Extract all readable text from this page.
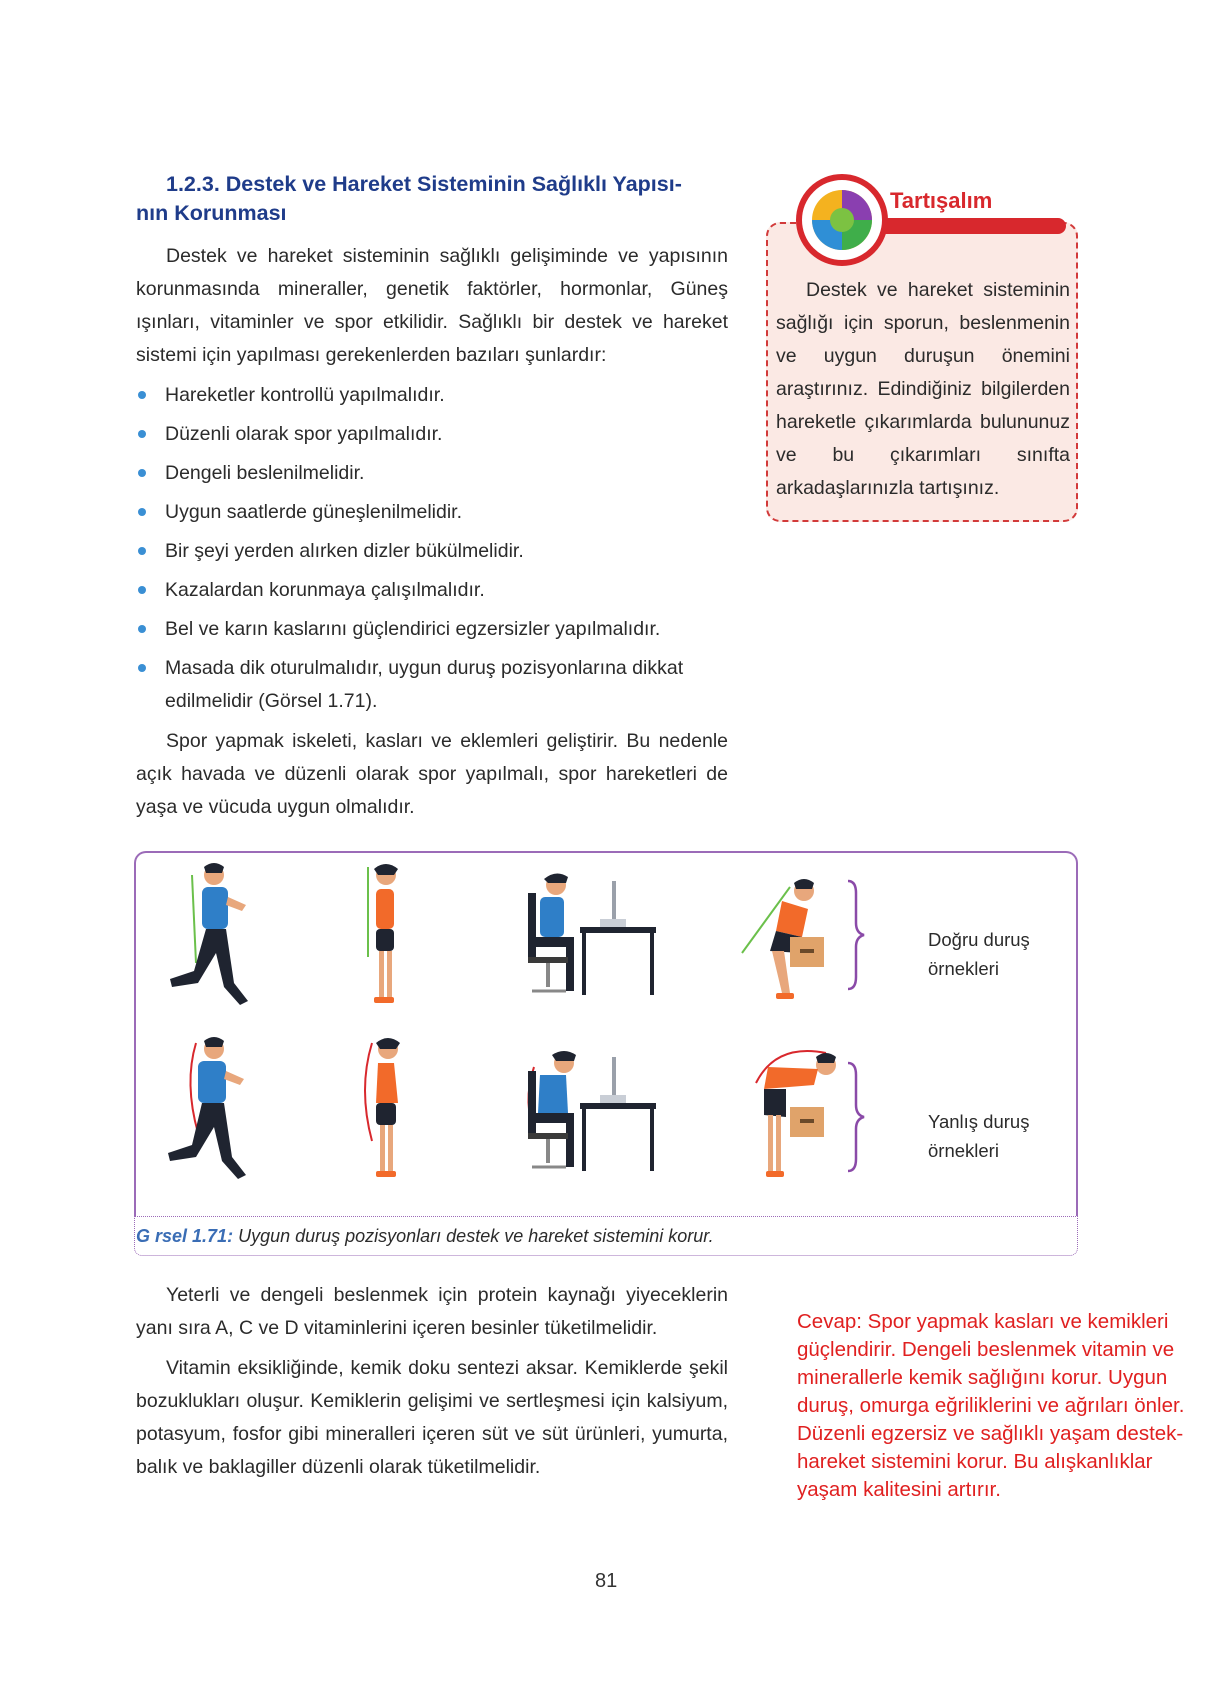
1.2.3. Destek ve Hareket Sisteminin Sağlıklı Yapısı-
nın Korunması

Destek ve hareket sisteminin sağlıklı gelişiminde ve yapısının korunmasında mineraller, genetik faktörler, hormonlar, Güneş ışınları, vitaminler ve spor etkilidir. Sağlıklı bir destek ve hareket sistemi için yapılması gerekenlerden bazıları şunlardır:

Hareketler kontrollü yapılmalıdır.
Düzenli olarak spor yapılmalıdır.
Dengeli beslenilmelidir.
Uygun saatlerde güneşlenilmelidir.
Bir şeyi yerden alırken dizler bükülmelidir.
Kazalardan korunmaya çalışılmalıdır.
Bel ve karın kaslarını güçlendirici egzersizler yapılmalıdır.
Masada dik oturulmalıdır, uygun duruş pozisyonlarına dikkat edilmelidir (Görsel 1.71).

Spor yapmak iskeleti, kasları ve eklemleri geliştirir. Bu nedenle açık havada ve düzenli olarak spor yapılmalı, spor hareketleri de yaşa ve vücuda uygun olmalıdır.

Tartışalım

Destek ve hareket sisteminin sağlığı için sporun, beslenmenin ve uygun duruşun önemini araştırınız. Edindiğiniz bilgilerden hareketle çıkarımlarda bulununuz ve bu çıkarımları sınıfta arkadaşlarınızla tartışınız.

Doğru duruş
örnekleri
Yanlış duruş
örnekleri
G rsel 1.71: Uygun duruş pozisyonları destek ve hareket sistemini korur.

Yeterli ve dengeli beslenmek için protein kaynağı yiyeceklerin yanı sıra A, C ve D vitaminlerini içeren besinler tüketilmelidir.

Vitamin eksikliğinde, kemik doku sentezi aksar. Kemiklerde şekil bozuklukları oluşur. Kemiklerin gelişimi ve sertleşmesi için kalsiyum, potasyum, fosfor gibi mineralleri içeren süt ve süt ürünleri, yumurta, balık ve baklagiller düzenli olarak tüketilmelidir.

Cevap: Spor yapmak kasları ve kemikleri güçlendirir. Dengeli beslenmek vitamin ve minerallerle kemik sağlığını korur. Uygun duruş, omurga eğriliklerini ve ağrıları önler. Düzenli egzersiz ve sağlıklı yaşam destek-hareket sistemini korur. Bu alışkanlıklar yaşam kalitesini artırır.
81
